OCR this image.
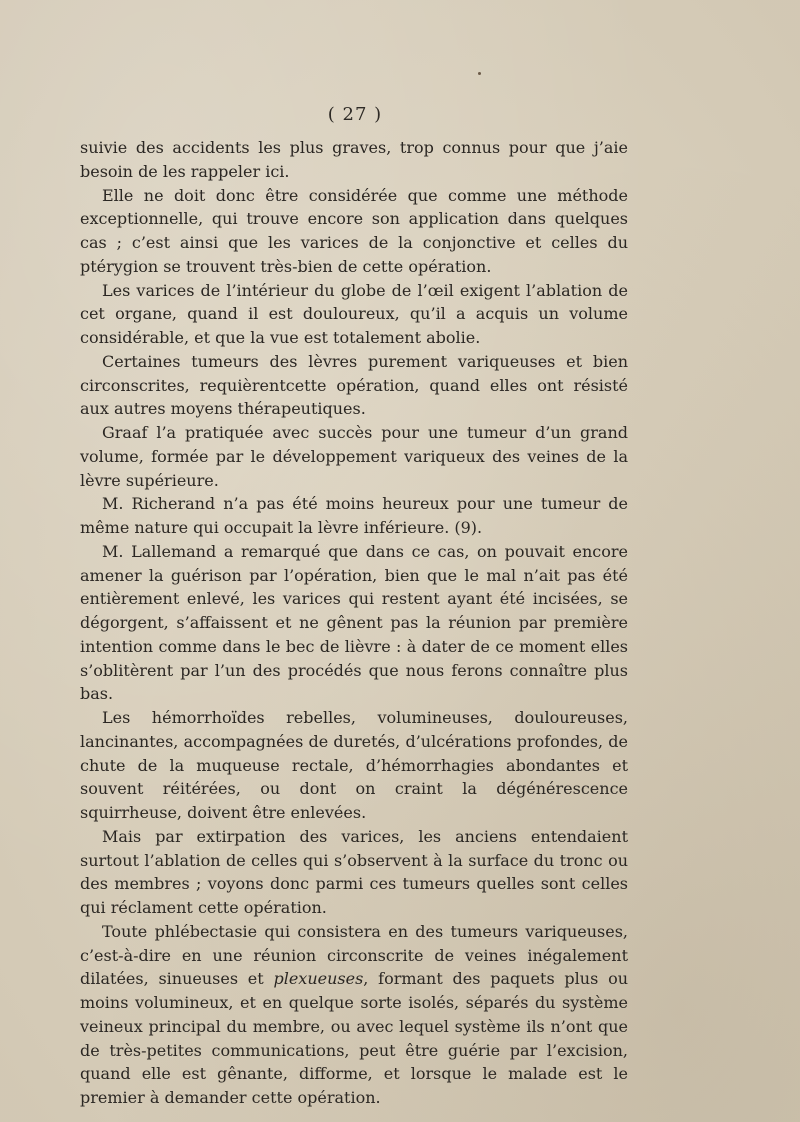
( 27 )

suivie des accidents les plus graves, trop connus pour que j’aie besoin de les rappeler ici.

Elle ne doit donc être considérée que comme une méthode exceptionnelle, qui trouve encore son application dans quelques cas ; c’est ainsi que les varices de la conjonctive et celles du ptérygion se trouvent très-bien de cette opération.

Les varices de l’intérieur du globe de l’œil exigent l’ablation de cet organe, quand il est douloureux, qu’il a acquis un volume considérable, et que la vue est totalement abolie.

Certaines tumeurs des lèvres purement variqueuses et bien circonscrites, requièrentcette opération, quand elles ont résisté aux autres moyens thérapeutiques.

Graaf l’a pratiquée avec succès pour une tumeur d’un grand volume, formée par le développement variqueux des veines de la lèvre supérieure.

M. Richerand n’a pas été moins heureux pour une tumeur de même nature qui occupait la lèvre inférieure. (9).

M. Lallemand a remarqué que dans ce cas, on pouvait encore amener la guérison par l’opération, bien que le mal n’ait pas été entièrement enlevé, les varices qui restent ayant été incisées, se dégorgent, s’affaissent et ne gênent pas la réunion par première intention comme dans le bec de lièvre : à dater de ce moment elles s’oblitèrent par l’un des procédés que nous ferons connaître plus bas.

Les hémorrhoïdes rebelles, volumineuses, douloureuses, lancinantes, accompagnées de duretés, d’ulcérations profondes, de chute de la muqueuse rectale, d’hémorrhagies abondantes et souvent réitérées, ou dont on craint la dégénérescence squirrheuse, doivent être enlevées.

Mais par extirpation des varices, les anciens entendaient surtout l’ablation de celles qui s’observent à la surface du tronc ou des membres ; voyons donc parmi ces tumeurs quelles sont celles qui réclament cette opération.

Toute phlébectasie qui consistera en des tumeurs variqueuses, c’est-à-dire en une réunion circonscrite de veines inégalement dilatées, sinueuses et plexueuses, formant des paquets plus ou moins volumineux, et en quelque sorte isolés, séparés du système veineux principal du membre, ou avec lequel système ils n’ont que de très-petites communications, peut être guérie par l’excision, quand elle est gênante, difforme, et lorsque le malade est le premier à demander cette opération.
